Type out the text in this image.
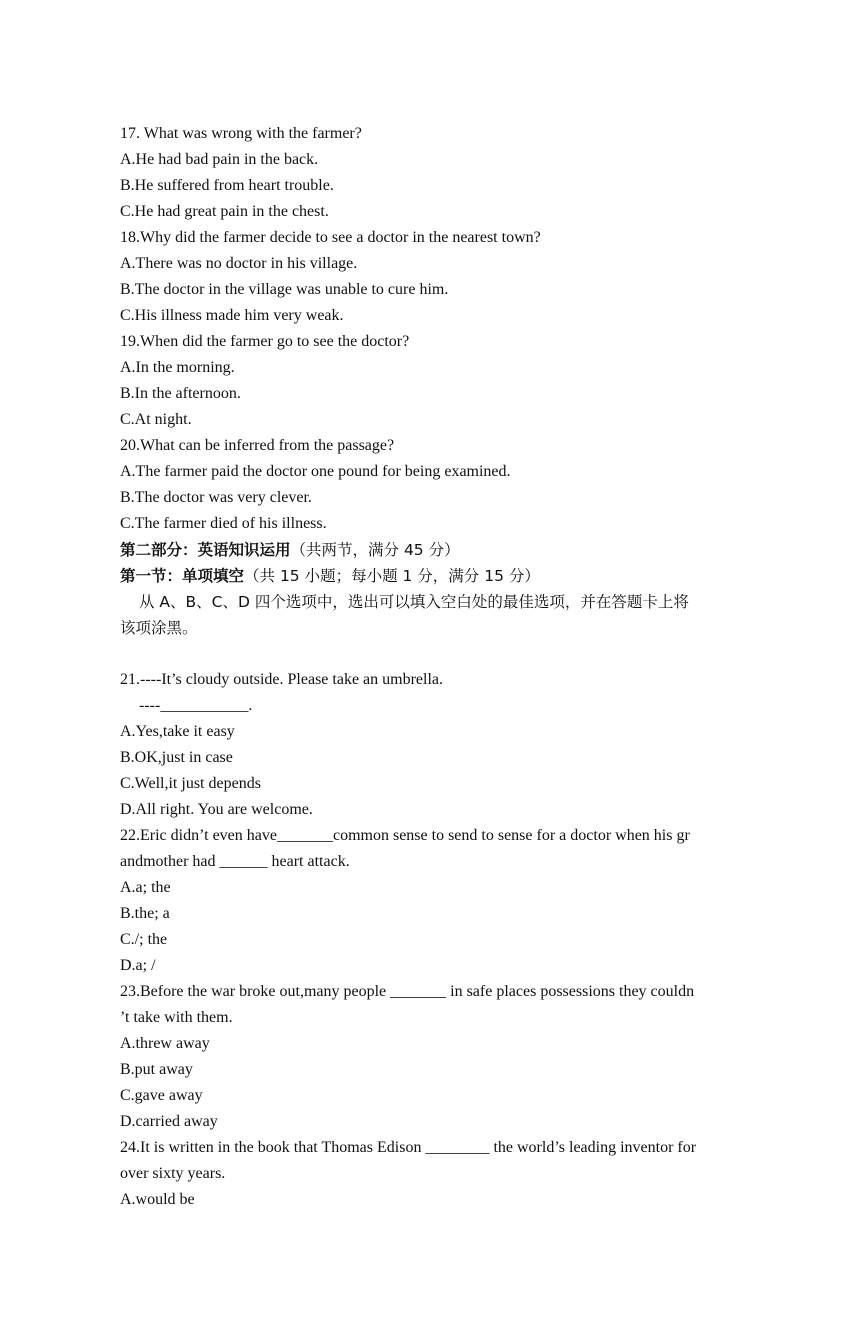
17. What was wrong with the farmer?
A.He had bad pain in the back.
B.He suffered from heart trouble.
C.He had great pain in the chest.
18.Why did the farmer decide to see a doctor in the nearest town?
A.There was no doctor in his village.
B.The doctor in the village was unable to cure him.
C.His illness made him very weak.
19.When did the farmer go to see the doctor?
A.In the morning.
B.In the afternoon.
C.At night.
20.What can be inferred from the passage?
A.The farmer paid the doctor one pound for being examined.
B.The doctor was very clever.
C.The farmer died of his illness.
第二部分：英语知识运用（共两节，满分 45 分）
第一节：单项填空（共 15 小题；每小题 1 分，满分 15 分）
从 A、B、C、D 四个选项中，选出可以填入空白处的最佳选项，并在答题卡上将
该项涂黑。
21.----It’s cloudy outside. Please take an umbrella.
----___________.
A.Yes,take it easy
B.OK,just in case
C.Well,it just depends
D.All right. You are welcome.
22.Eric didn’t even have_______common sense to send to sense for a doctor when his gr
andmother had ______ heart attack.
A.a; the
B.the; a
C./; the
D.a; /
23.Before the war broke out,many people _______ in safe places possessions they couldn
’t take with them.
A.threw away
B.put away
C.gave away
D.carried away
24.It is written in the book that Thomas Edison ________ the world’s leading inventor for
over sixty years.
A.would be
